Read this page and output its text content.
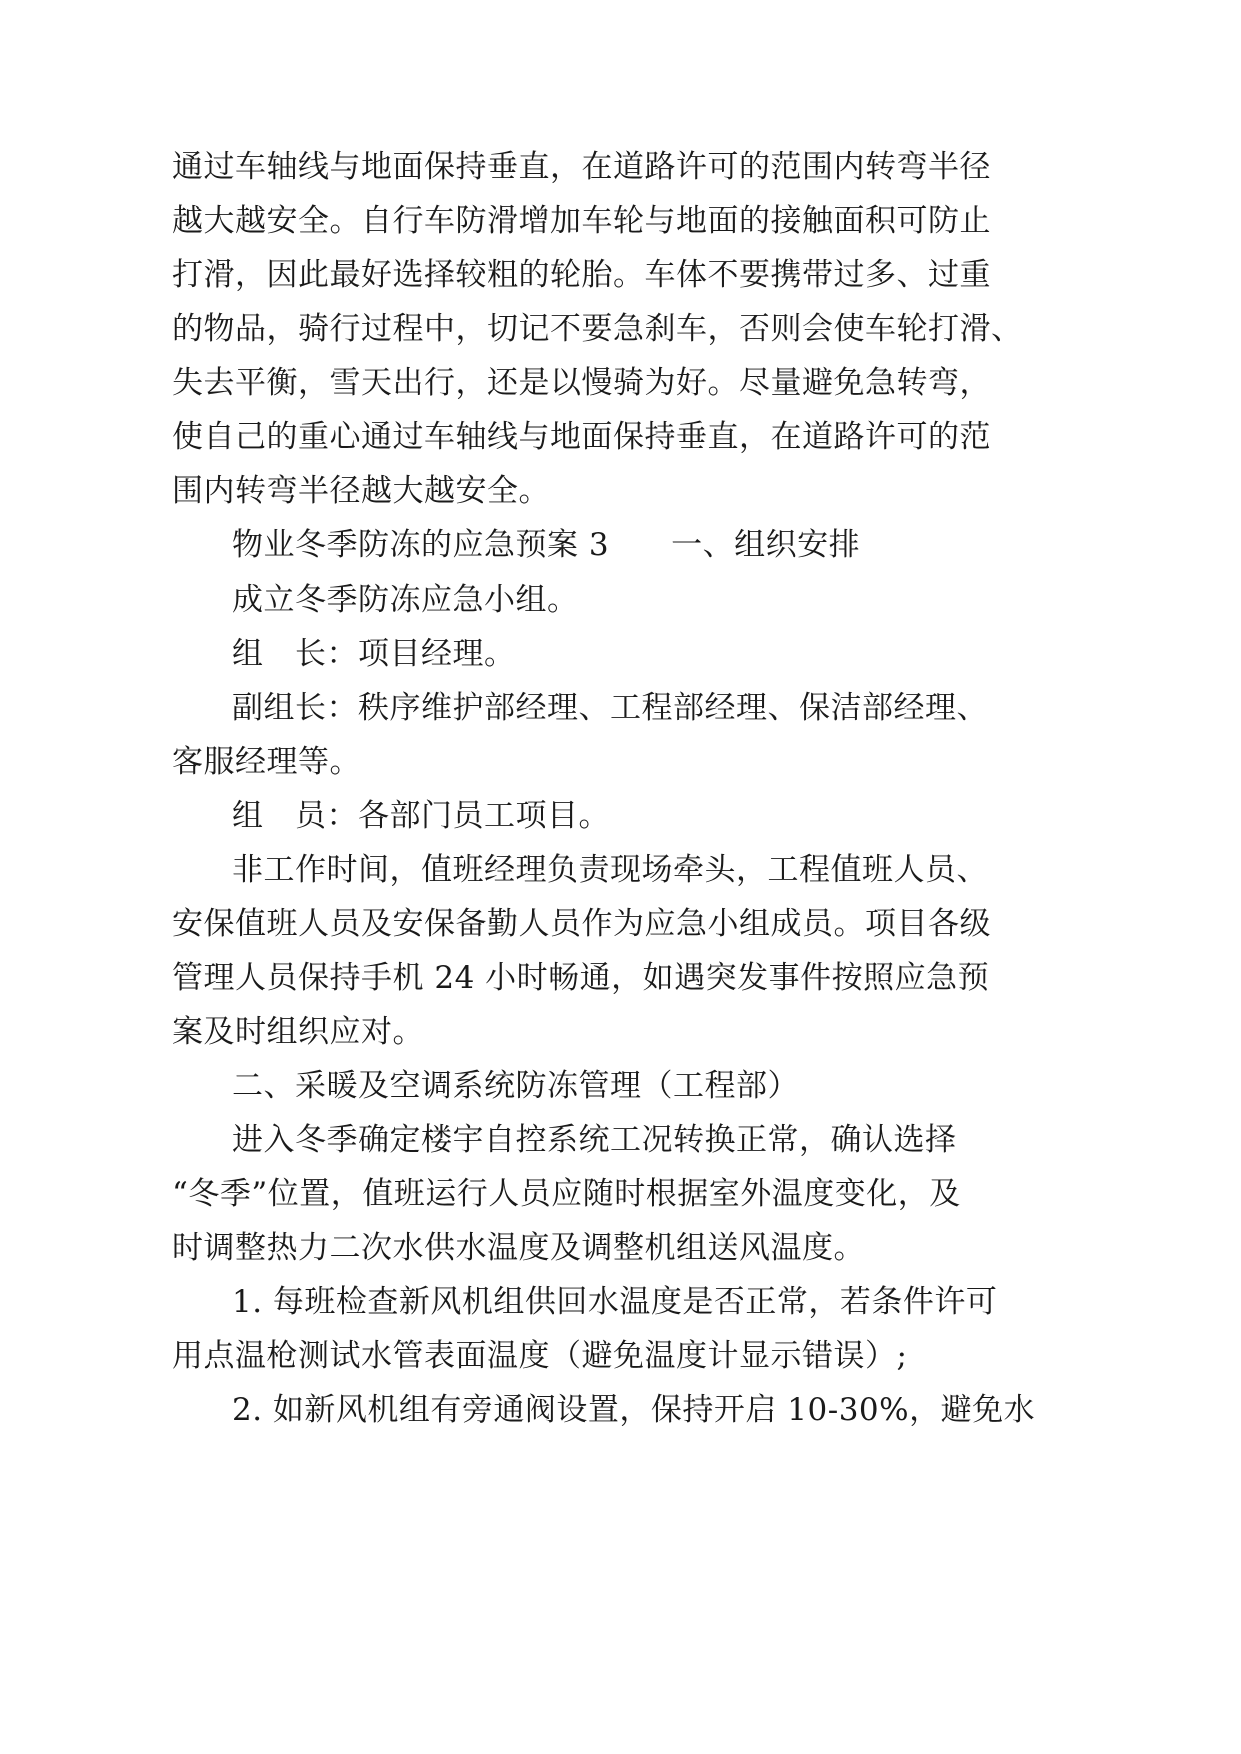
通过车轴线与地面保持垂直，在道路许可的范围内转弯半径
越大越安全。自行车防滑增加车轮与地面的接触面积可防止
打滑，因此最好选择较粗的轮胎。车体不要携带过多、过重
的物品，骑行过程中，切记不要急刹车，否则会使车轮打滑、
失去平衡，雪天出行，还是以慢骑为好。尽量避免急转弯，
使自己的重心通过车轴线与地面保持垂直，在道路许可的范
围内转弯半径越大越安全。
物业冬季防冻的应急预案 3 一、组织安排
成立冬季防冻应急小组。
组　长：项目经理。
副组长：秩序维护部经理、工程部经理、保洁部经理、
客服经理等。
组　员：各部门员工项目。
非工作时间，值班经理负责现场牵头，工程值班人员、
安保值班人员及安保备勤人员作为应急小组成员。项目各级
管理人员保持手机 24 小时畅通，如遇突发事件按照应急预
案及时组织应对。
二、采暖及空调系统防冻管理（工程部）
进入冬季确定楼宇自控系统工况转换正常，确认选择
“冬季”位置，值班运行人员应随时根据室外温度变化，及
时调整热力二次水供水温度及调整机组送风温度。
1. 每班检查新风机组供回水温度是否正常，若条件许可
用点温枪测试水管表面温度（避免温度计显示错误）;
2. 如新风机组有旁通阀设置，保持开启 10-30%，避免水
